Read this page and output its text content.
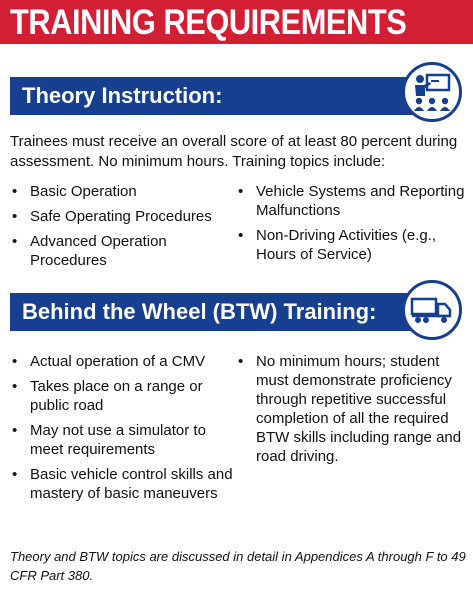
TRAINING REQUIREMENTS
Theory Instruction:
Trainees must receive an overall score of at least 80 percent during assessment. No minimum hours. Training topics include:
• Basic Operation
• Safe Operating Procedures
• Advanced Operation Procedures
• Vehicle Systems and Reporting Malfunctions
• Non-Driving Activities (e.g., Hours of Service)
Behind the Wheel (BTW) Training:
• Actual operation of a CMV
• Takes place on a range or public road
• May not use a simulator to meet requirements
• Basic vehicle control skills and mastery of basic maneuvers
• No minimum hours; student must demonstrate proficiency through repetitive successful completion of all the required BTW skills including range and road driving.
Theory and BTW topics are discussed in detail in Appendices A through F to 49 CFR Part 380.
